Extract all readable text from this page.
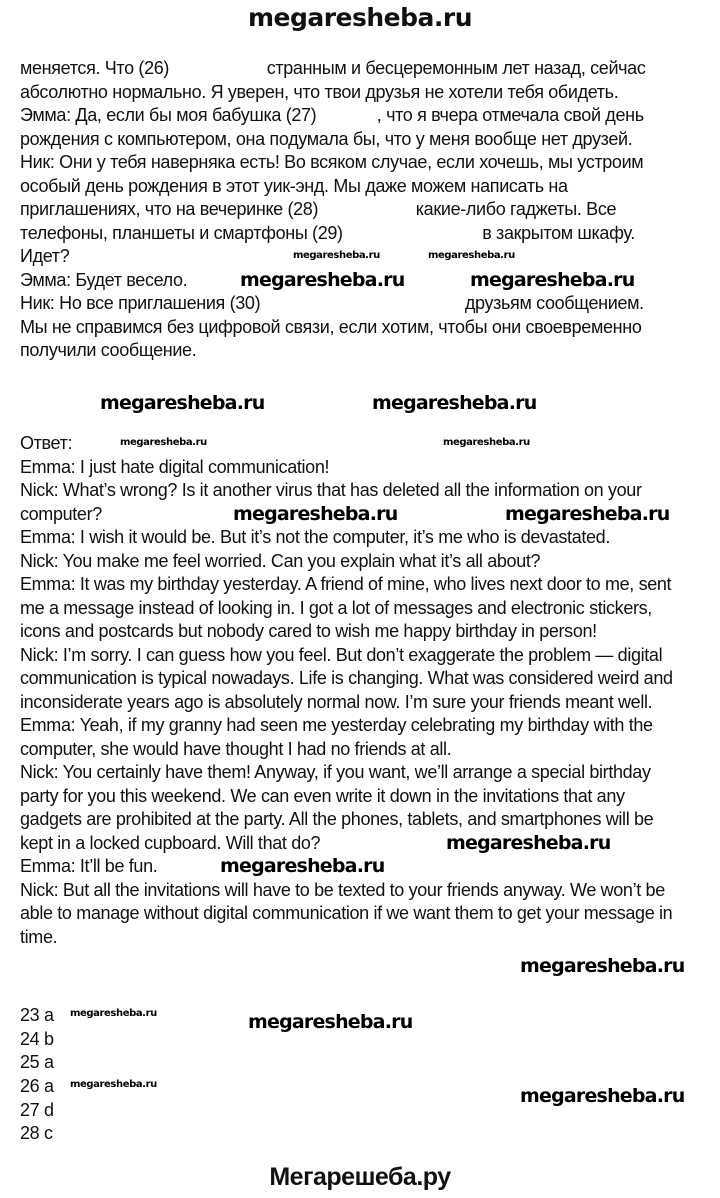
megaresheba.ru
меняется. Что (26)                     странным и бесцеремонным лет назад, сейчас
абсолютно нормально. Я уверен, что твои друзья не хотели тебя обидеть.
Эмма: Да, если бы моя бабушка (27)             , что я вчера отмечала свой день
рождения с компьютером, она подумала бы, что у меня вообще нет друзей.
Ник: Они у тебя наверняка есть! Во всяком случае, если хочешь, мы устроим
особый день рождения в этот уик-энд. Мы даже можем написать на
приглашениях, что на вечеринке (28)                     какие-либо гаджеты. Все
телефоны, планшеты и смартфоны (29)                              в закрытом шкафу.
Идет?
Эмма: Будет весело.
Ник: Но все приглашения (30)                                            друзьям сообщением.
Мы не справимся без цифровой связи, если хотим, чтобы они своевременно
получили сообщение.
Ответ:
Emma: I just hate digital communication!
Nick: What’s wrong? Is it another virus that has deleted all the information on your
computer?
Emma: I wish it would be. But it’s not the computer, it’s me who is devastated.
Nick: You make me feel worried. Can you explain what it’s all about?
Emma: It was my birthday yesterday. A friend of mine, who lives next door to me, sent
me a message instead of looking in. I got a lot of messages and electronic stickers,
icons and postcards but nobody cared to wish me happy birthday in person!
Nick: I’m sorry. I can guess how you feel. But don’t exaggerate the problem — digital
communication is typical nowadays. Life is changing. What was considered weird and
inconsiderate years ago is absolutely normal now. I’m sure your friends meant well.
Emma: Yeah, if my granny had seen me yesterday celebrating my birthday with the
computer, she would have thought I had no friends at all.
Nick: You certainly have them! Anyway, if you want, we’ll arrange a special birthday
party for you this weekend. We can even write it down in the invitations that any
gadgets are prohibited at the party. All the phones, tablets, and smartphones will be
kept in a locked cupboard. Will that do?
Emma: It’ll be fun.
Nick: But all the invitations will have to be texted to your friends anyway. We won’t be
able to manage without digital communication if we want them to get your message in
time.
23 a
24 b
25 a
26 a
27 d
28 c
megaresheba.ru	megaresheba.ru
megaresheba.ru	megaresheba.ru
megaresheba.ru	megaresheba.ru
megaresheba.ru	megaresheba.ru
megaresheba.ru	megaresheba.ru
megaresheba.ru
megaresheba.ru
megaresheba.ru
megaresheba.ru	megaresheba.ru
megaresheba.ru
megaresheba.ru
Мегарешеба.ру
